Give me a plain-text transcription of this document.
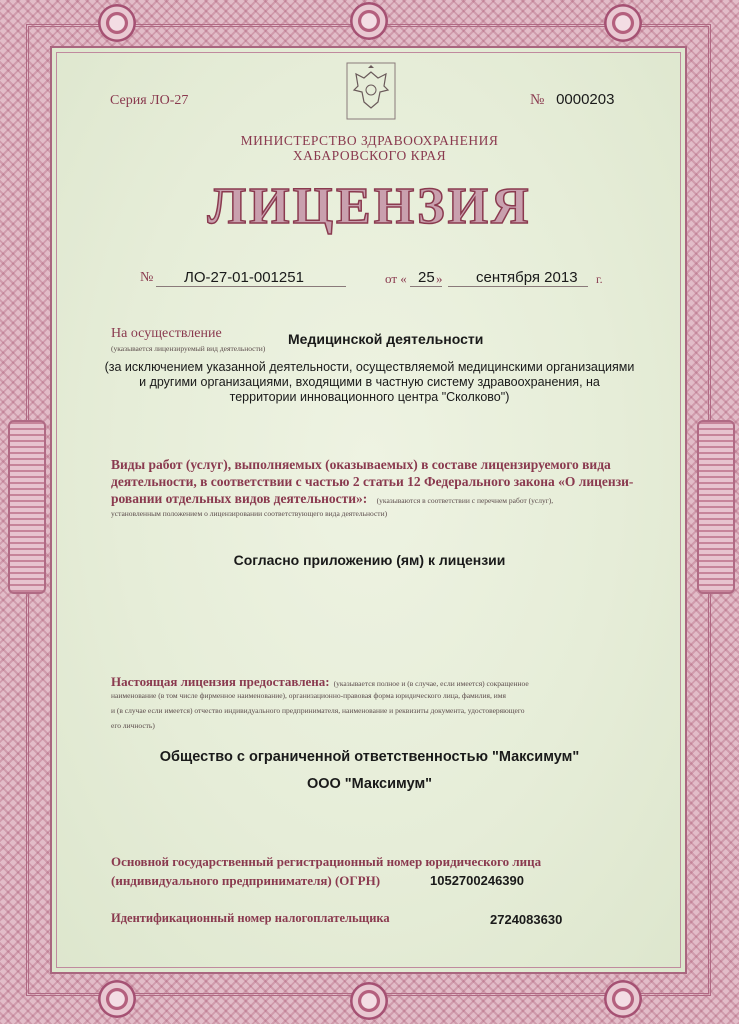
Серия ЛО-27	№ 0000203
МИНИСТЕРСТВО ЗДРАВООХРАНЕНИЯ
ХАБАРОВСКОГО КРАЯ
ЛИЦЕНЗИЯ
№ ЛО-27-01-001251	от « 25 » сентября 2013 г.
На осуществление	Медицинской деятельности
(указывается лицензируемый вид деятельности)
(за исключением указанной деятельности, осуществляемой медицинскими организациями
и другими организациями, входящими в частную систему здравоохранения, на
территории инновационного центра "Сколково")
Виды работ (услуг), выполняемых (оказываемых) в составе лицензируемого вида
деятельности, в соответствии с частью 2 статьи 12 Федерального закона «О лицензи-
ровании отдельных видов деятельности»: (указываются в соответствии с перечнем работ (услуг),
установленным положением о лицензировании соответствующего вида деятельности)
Согласно приложению (ям) к лицензии
Настоящая лицензия предоставлена: (указывается полное и (в случае, если имеется) сокращенное
наименование (в том числе фирменное наименование), организационно-правовая форма юридического лица, фамилия, имя
и (в случае если имеется) отчество индивидуального предпринимателя, наименование и реквизиты документа, удостоверяющего
его личность)
Общество с ограниченной ответственностью "Максимум"
ООО "Максимум"
Основной государственный регистрационный номер юридического лица
(индивидуального предпринимателя) (ОГРН)	1052700246390
Идентификационный номер налогоплательщика	2724083630
